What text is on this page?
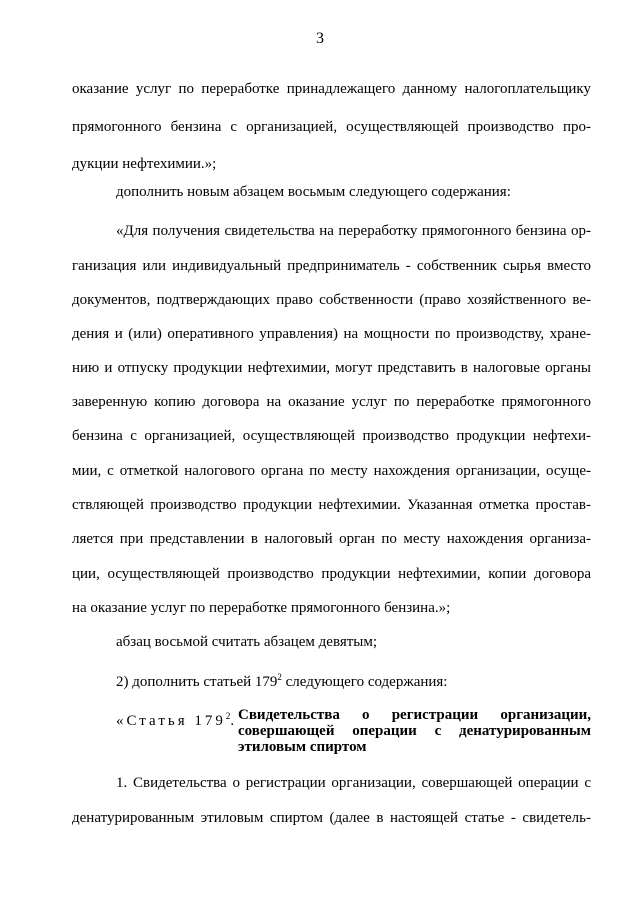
3
оказание услуг по переработке принадлежащего данному налогоплательщику
прямогонного бензина с организацией, осуществляющей производство про-
дукции нефтехимии.»;
дополнить новым абзацем восьмым следующего содержания:
«Для получения свидетельства на переработку прямогонного бензина ор-
ганизация или индивидуальный предприниматель - собственник сырья вместо
документов, подтверждающих право собственности (право хозяйственного ве-
дения и (или) оперативного управления) на мощности по производству, хране-
нию и отпуску продукции нефтехимии, могут представить в налоговые органы
заверенную копию договора на оказание услуг по переработке прямогонного
бензина с организацией, осуществляющей производство продукции нефтехи-
мии, с отметкой налогового органа по месту нахождения организации, осуще-
ствляющей производство продукции нефтехимии. Указанная отметка простав-
ляется при представлении в налоговый орган по месту нахождения организа-
ции, осуществляющей производство продукции нефтехимии, копии договора
на оказание услуг по переработке прямогонного бензина.»;
абзац восьмой считать абзацем девятым;
2) дополнить статьей $179^2$ следующего содержания:
«Статья $179^2$. Свидетельства о регистрации организации,
совершающей операции с денатурированным
этиловым спиртом
1. Свидетельства о регистрации организации, совершающей операции с
денатурированным этиловым спиртом (далее в настоящей статье - свидетель-
